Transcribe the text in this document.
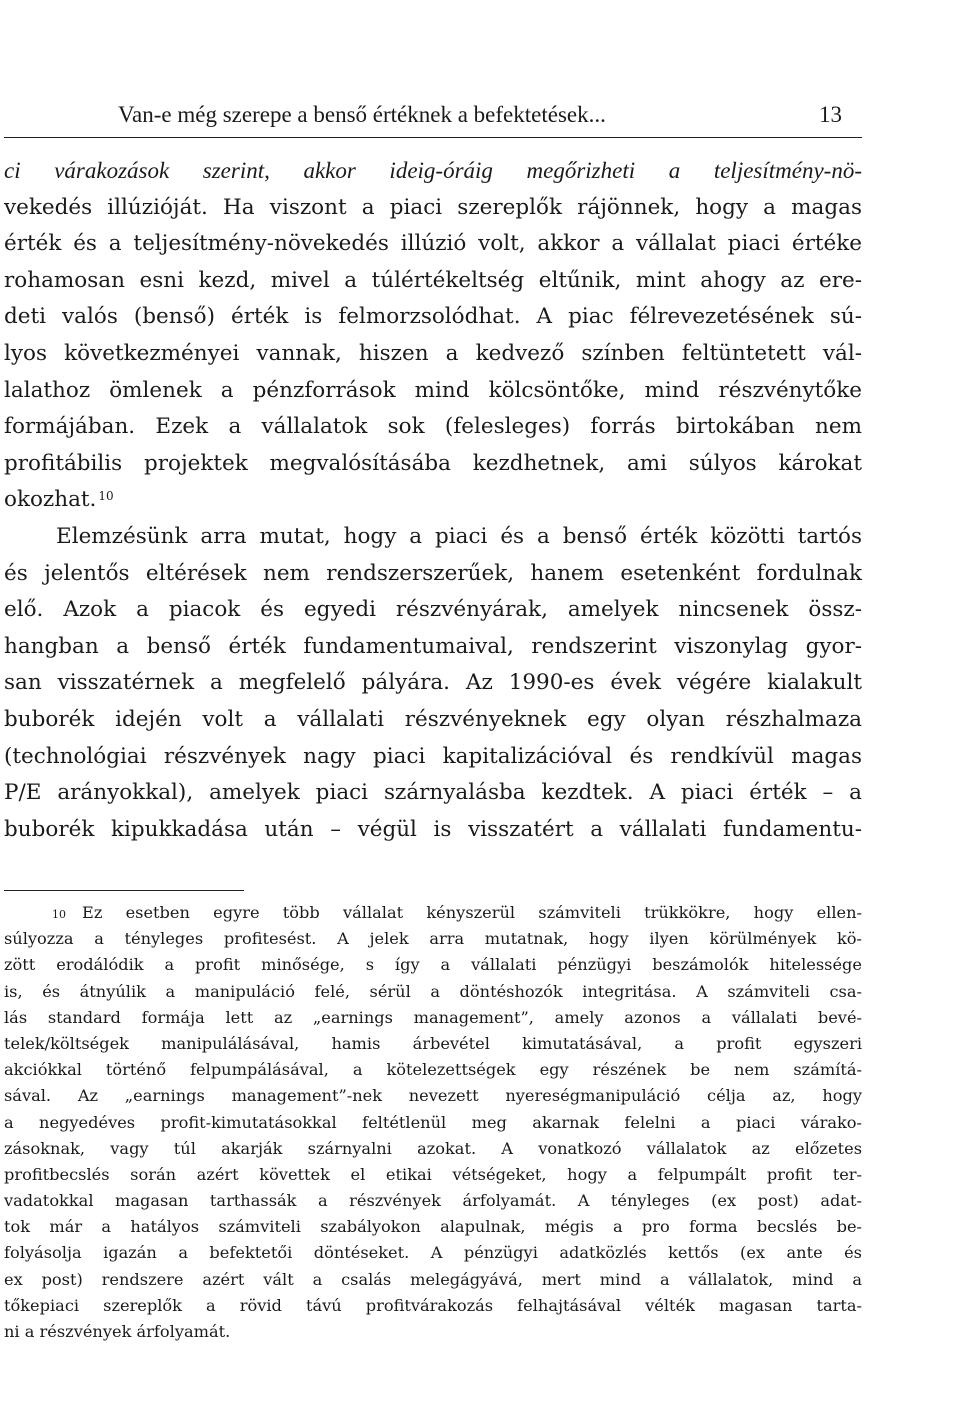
Van-e még szerepe a benső értéknek a befektetések...	13
ci várakozások szerint, akkor ideig-óráig megőrizheti a teljesítmény-nö-
vekedés illúzióját. Ha viszont a piaci szereplők rájönnek, hogy a magas
érték és a teljesítmény-növekedés illúzió volt, akkor a vállalat piaci értéke
rohamosan esni kezd, mivel a túlértékeltség eltűnik, mint ahogy az ere-
deti valós (benső) érték is felmorzsolódhat. A piac félrevezetésének sú-
lyos következményei vannak, hiszen a kedvező színben feltüntetett vál-
lalathoz ömlenek a pénzforrások mind kölcsöntőke, mind részvénytőke
formájában. Ezek a vállalatok sok (felesleges) forrás birtokában nem
profitábilis projektek megvalósításába kezdhetnek, ami súlyos károkat
okozhat. $^{10}$
Elemzésünk arra mutat, hogy a piaci és a benső érték közötti tartós
és jelentős eltérések nem rendszerszerűek, hanem esetenként fordulnak
elő. Azok a piacok és egyedi részvényárak, amelyek nincsenek össz-
hangban a benső érték fundamentumaival, rendszerint viszonylag gyor-
san visszatérnek a megfelelő pályára. Az 1990-es évek végére kialakult
buborék idején volt a vállalati részvényeknek egy olyan részhalmaza
(technológiai részvények nagy piaci kapitalizációval és rendkívül magas
P/E arányokkal), amelyek piaci szárnyalásba kezdtek. A piaci érték – a
buborék kipukkadása után – végül is visszatért a vállalati fundamentu-
$^{10}$ Ez esetben egyre több vállalat kényszerül számviteli trükkökre, hogy ellen-
súlyozza a tényleges profitesést. A jelek arra mutatnak, hogy ilyen körülmények kö-
zött erodálódik a profit minősége, s így a vállalati pénzügyi beszámolók hitelessége
is, és átnyúlik a manipuláció felé, sérül a döntéshozók integritása. A számviteli csa-
lás standard formája lett az „earnings management”, amely azonos a vállalati bevé-
telek/költségek manipulálásával, hamis árbevétel kimutatásával, a profit egyszeri
akciókkal történő felpumpálásával, a kötelezettségek egy részének be nem számítá-
sával. Az „earnings management”-nek nevezett nyereségmanipuláció célja az, hogy
a negyedéves profit-kimutatásokkal feltétlenül meg akarnak felelni a piaci várako-
zásoknak, vagy túl akarják szárnyalni azokat. A vonatkozó vállalatok az előzetes
profitbecslés során azért követtek el etikai vétségeket, hogy a felpumpált profit ter-
vadatokkal magasan tarthassák a részvények árfolyamát. A tényleges (ex post) adat-
tok már a hatályos számviteli szabályokon alapulnak, mégis a pro forma becslés be-
folyásolja igazán a befektetői döntéseket. A pénzügyi adatközlés kettős (ex ante és
ex post) rendszere azért vált a csalás melegágyává, mert mind a vállalatok, mind a
tőkepiaci szereplők a rövid távú profitvárakozás felhajtásával vélték magasan tarta-
ni a részvények árfolyamát.
